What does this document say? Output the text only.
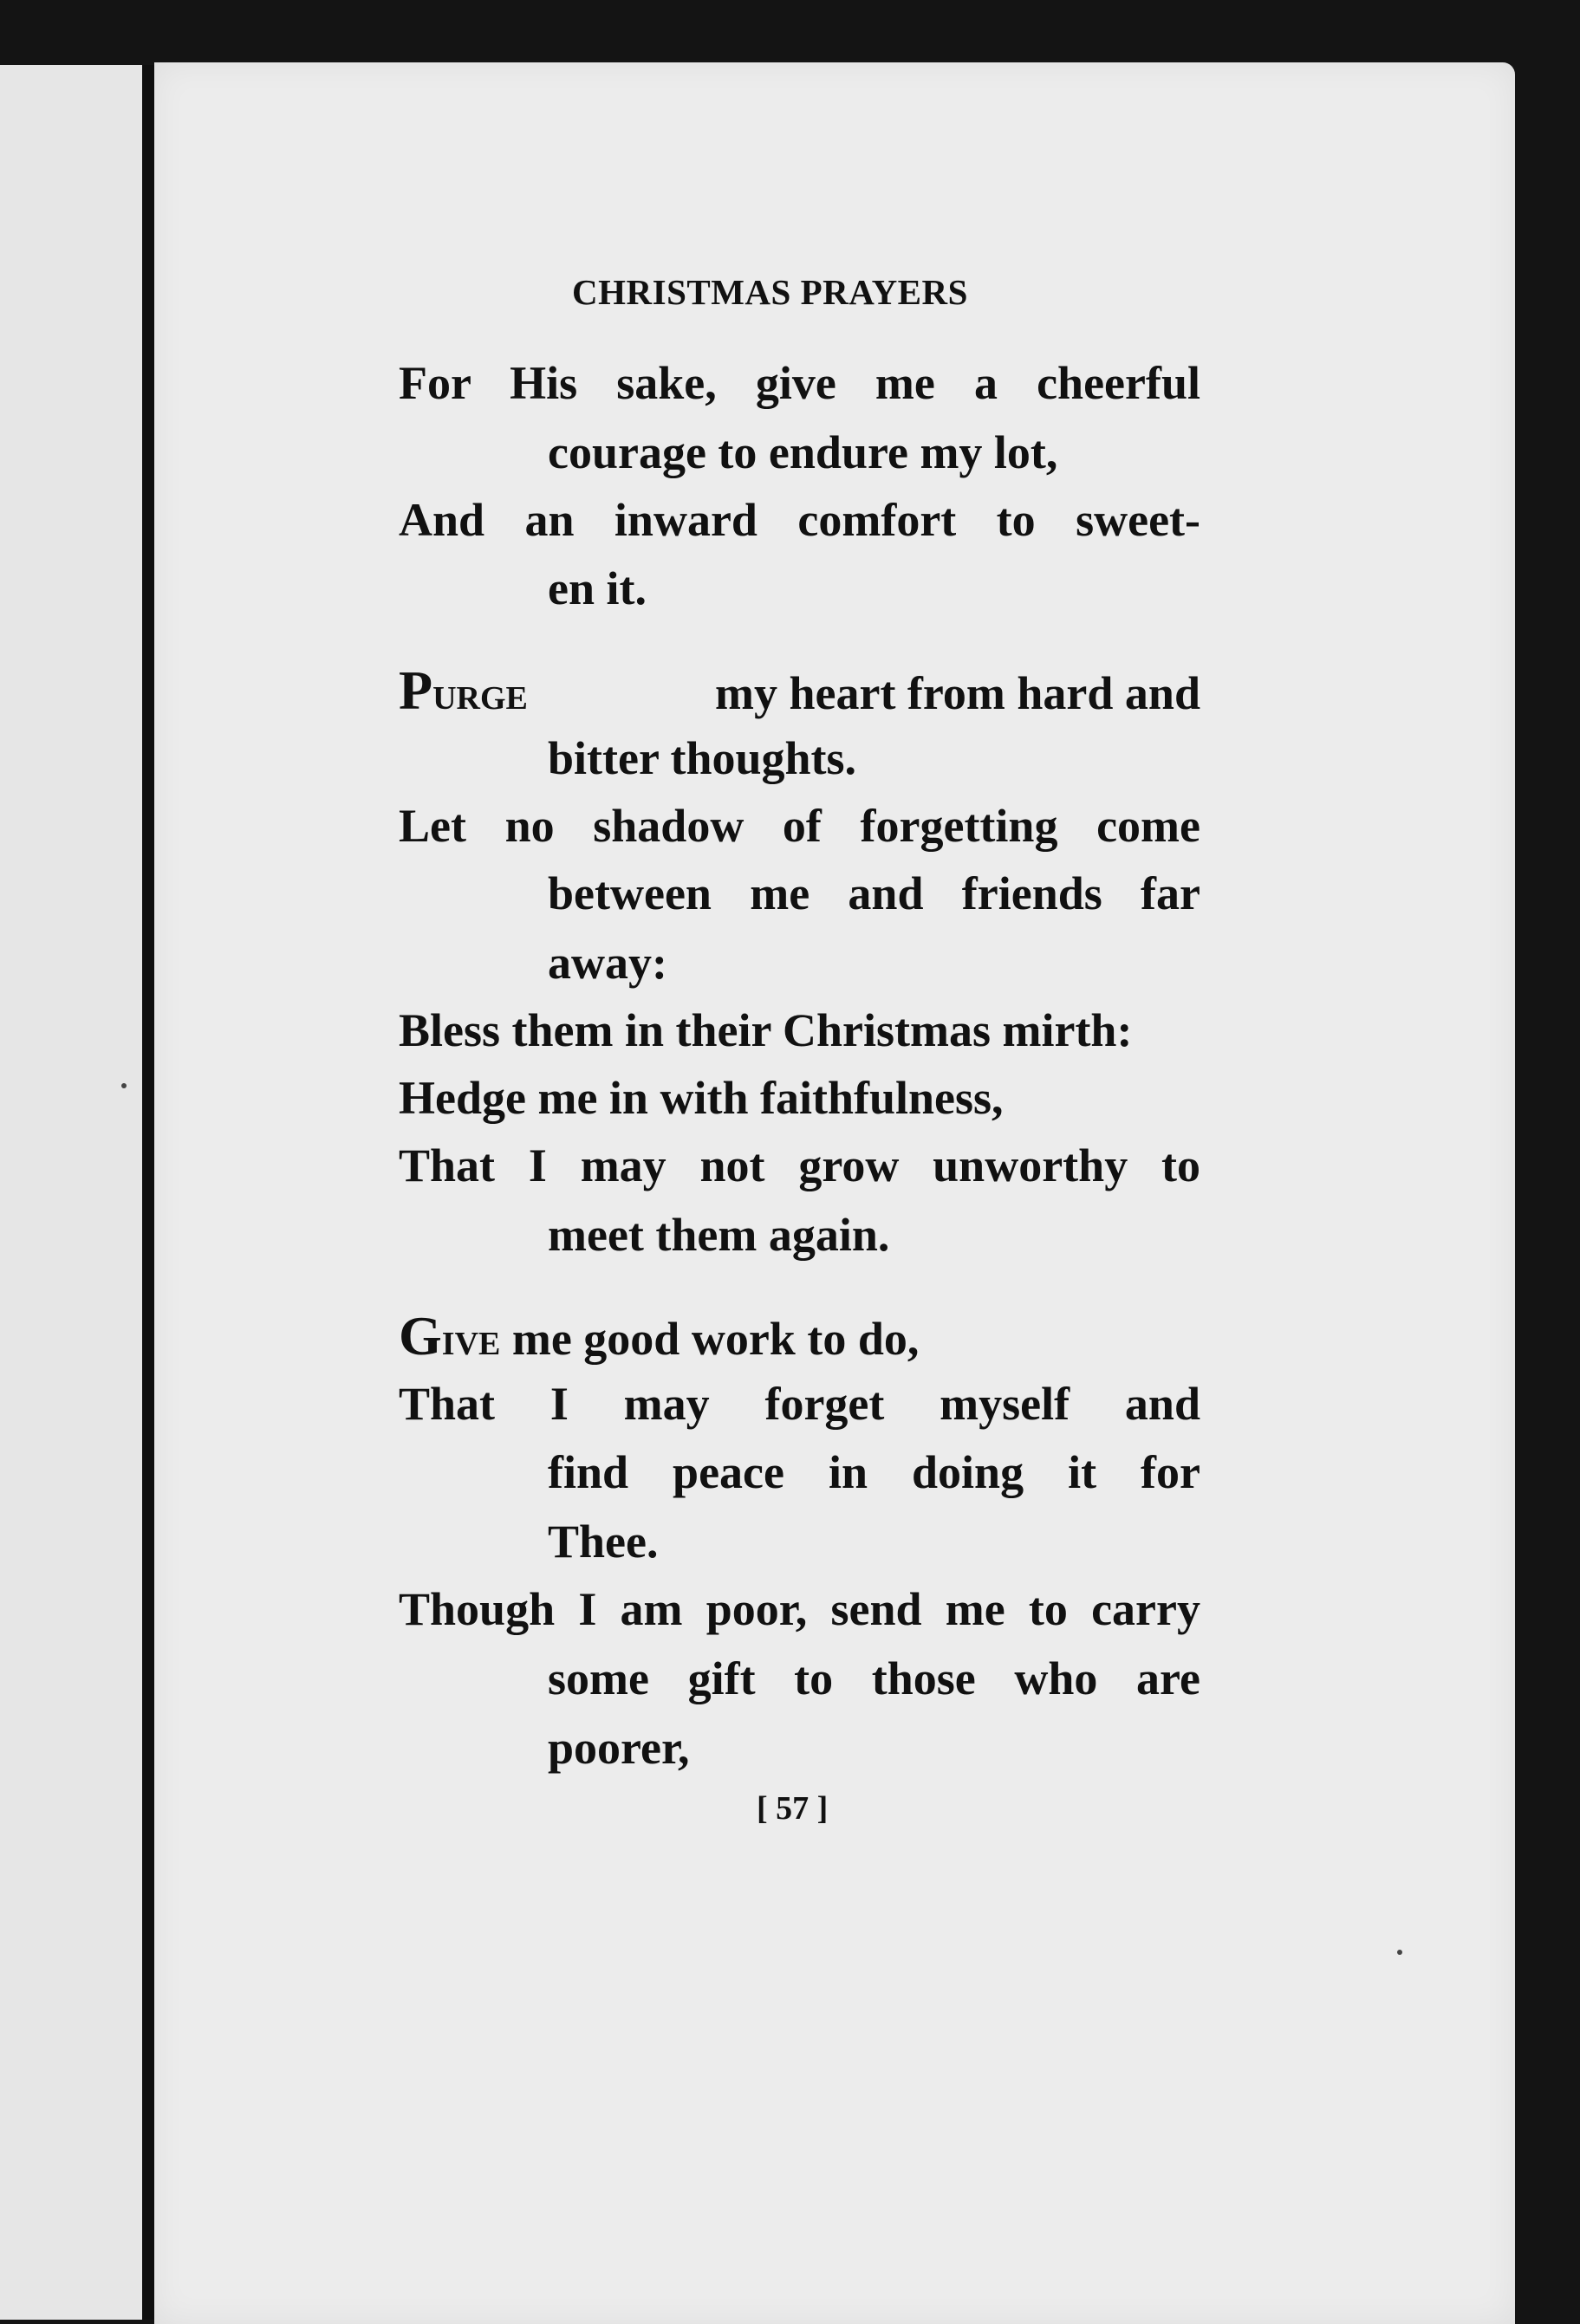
CHRISTMAS PRAYERS
For His sake, give me a cheerful
courage to endure my lot,
And an inward comfort to sweet-
en it.
Purge	my heart from hard and
bitter thoughts.
Let no shadow of forgetting come
between me and friends far
away:
Bless them in their Christmas mirth:
Hedge me in with faithfulness,
That I may not grow unworthy to
meet them again.
Give me good work to do,
That I may forget myself and
find peace in doing it for
Thee.
Though I am poor, send me to carry
some gift to those who are
poorer,
[ 57 ]
